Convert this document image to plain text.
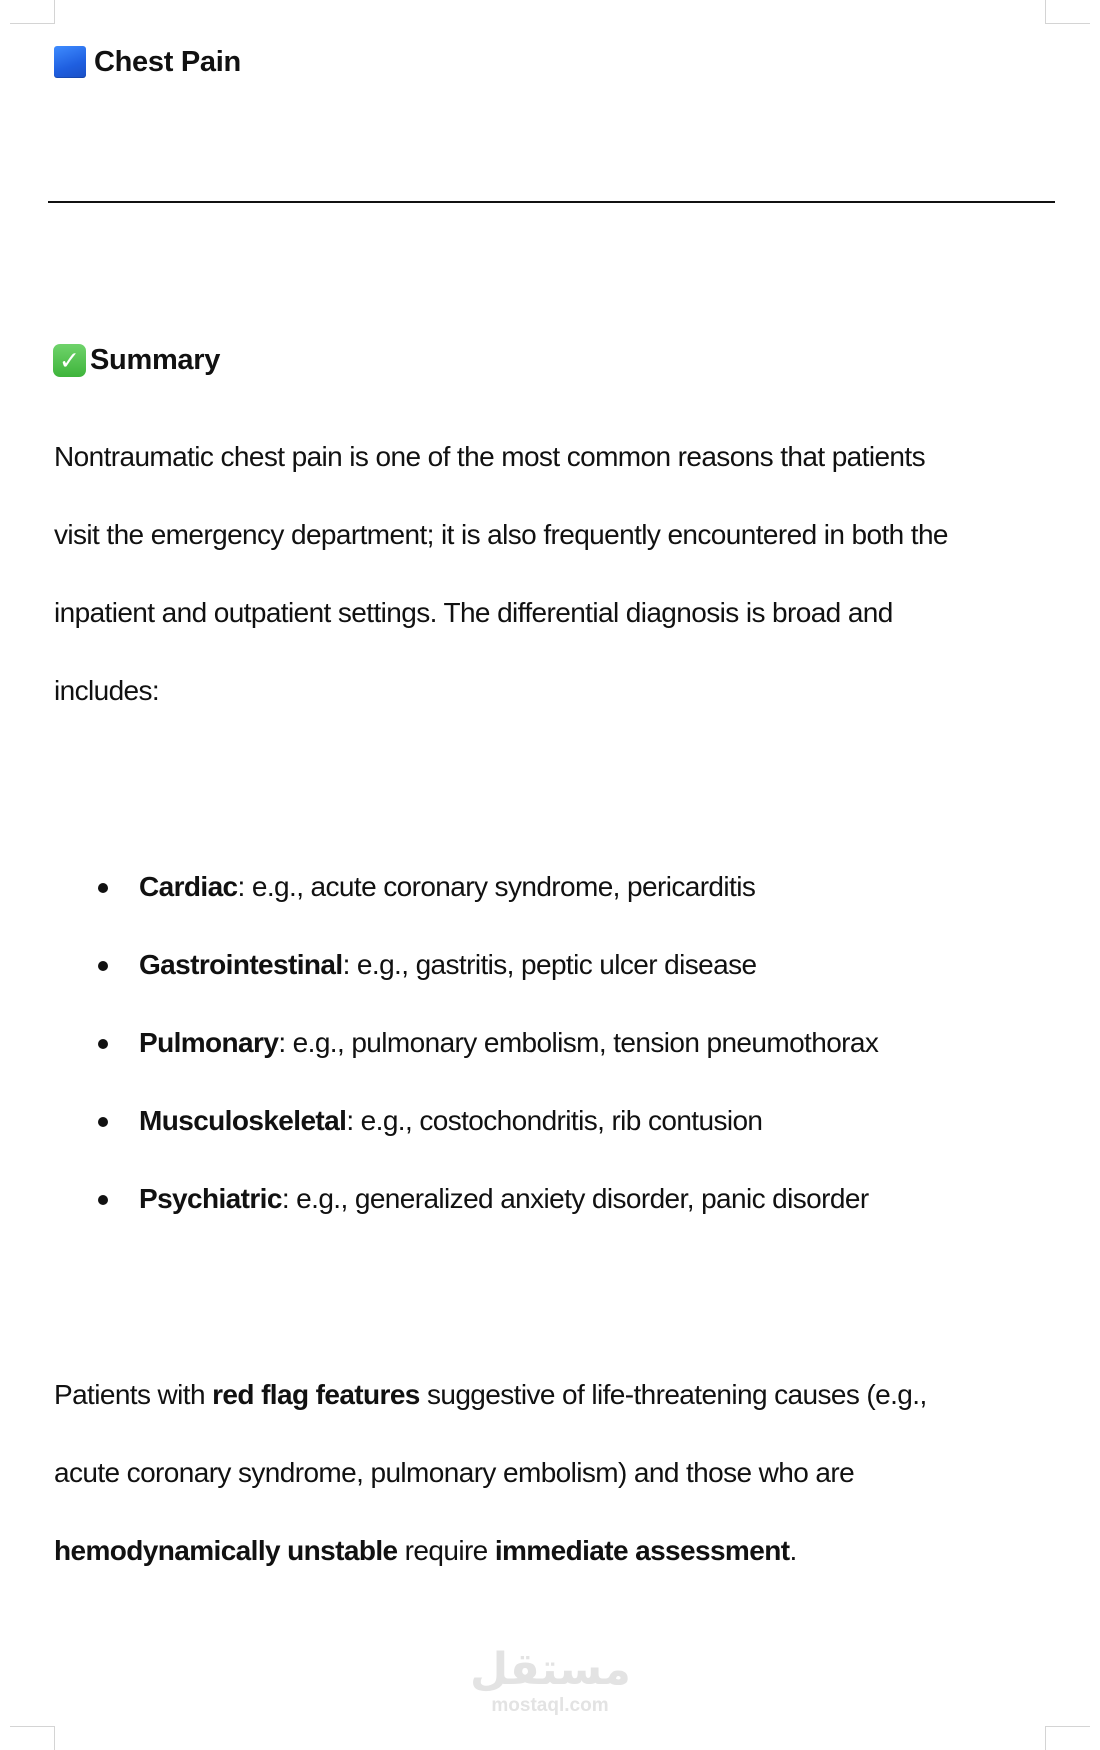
Chest Pain
✓ Summary

Nontraumatic chest pain is one of the most common reasons that patients
visit the emergency department; it is also frequently encountered in both the
inpatient and outpatient settings. The differential diagnosis is broad and
includes:

Cardiac: e.g., acute coronary syndrome, pericarditis
Gastrointestinal: e.g., gastritis, peptic ulcer disease
Pulmonary: e.g., pulmonary embolism, tension pneumothorax
Musculoskeletal: e.g., costochondritis, rib contusion
Psychiatric: e.g., generalized anxiety disorder, panic disorder

Patients with red flag features suggestive of life-threatening causes (e.g.,
acute coronary syndrome, pulmonary embolism) and those who are
hemodynamically unstable require immediate assessment.

مستقل
mostaql.com
